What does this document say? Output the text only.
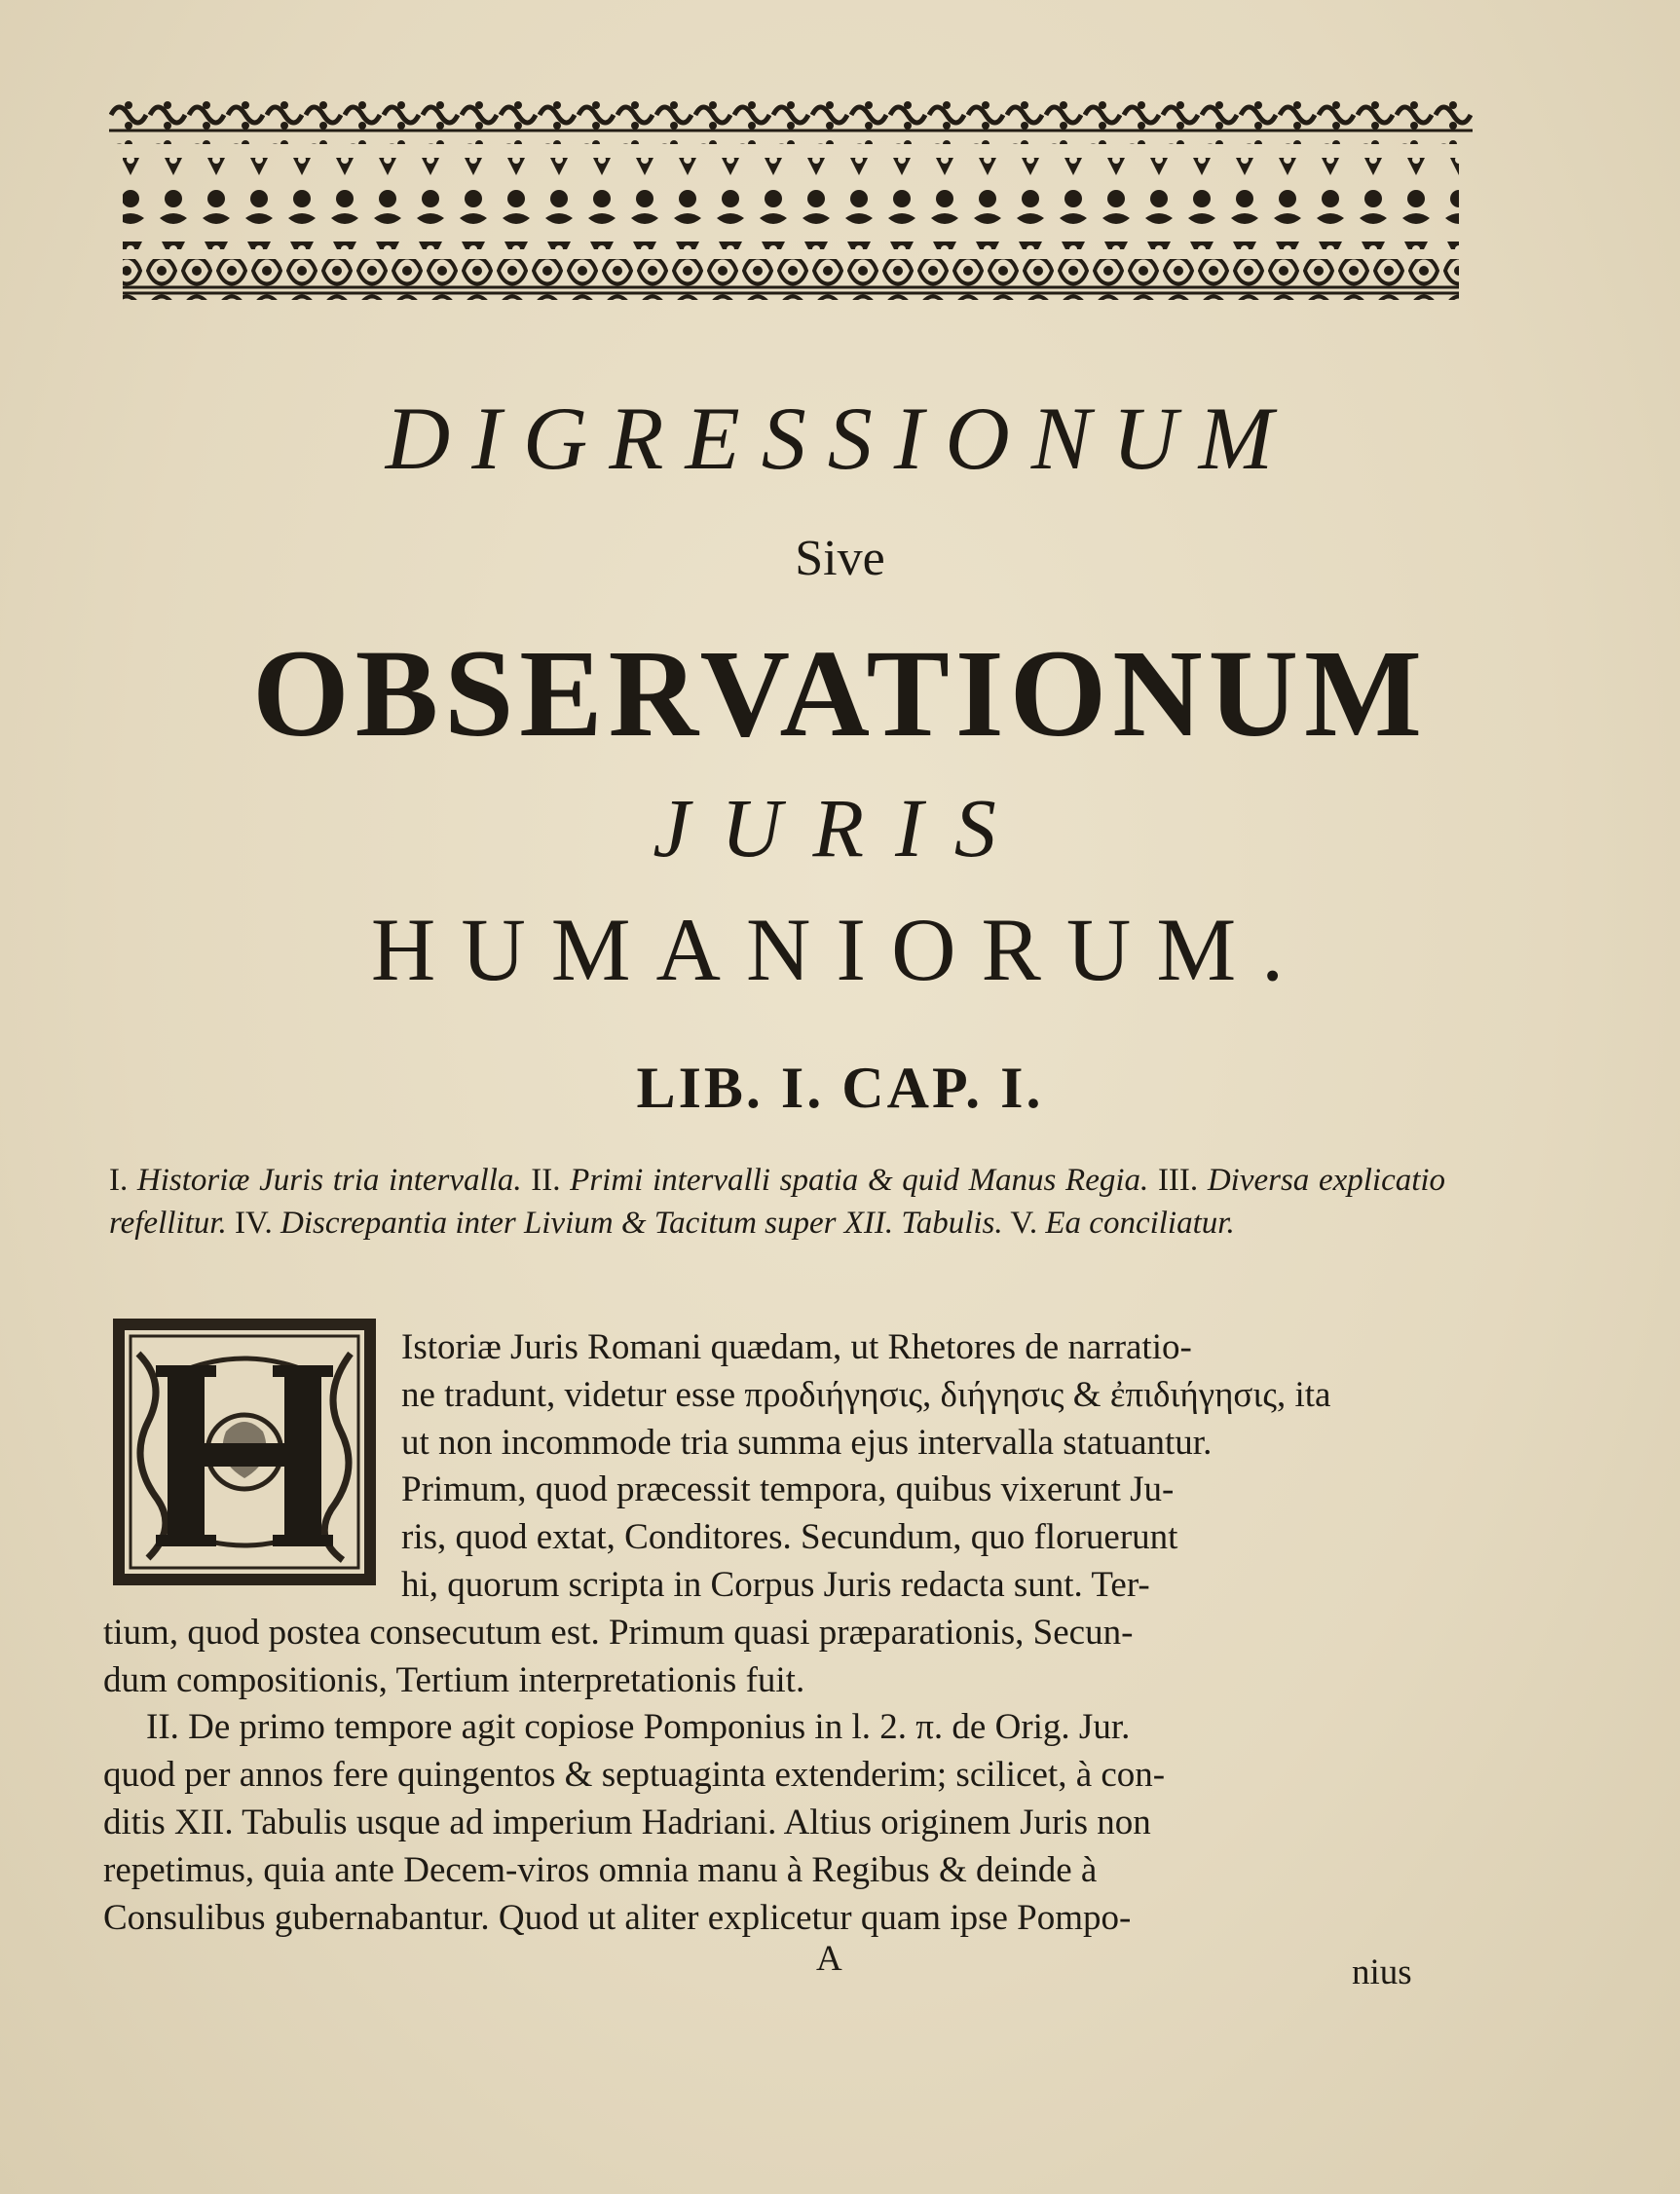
DIGRESSIONUM
Sive
OBSERVATIONUM
JURIS
HUMANIORUM.
LIB. I. CAP. I.
I. Historiæ Juris tria intervalla. II. Primi intervalli spatia & quid Manus Regia. III. Diversa explicatio refellitur. IV. Discrepantia inter Livium & Tacitum super XII. Tabulis. V. Ea conciliatur.
Istoriæ Juris Romani quædam, ut Rhetores de narratio-
ne tradunt, videtur esse προδιήγησις, διήγησις & ἐπιδιήγησις, ita
ut non incommode tria summa ejus intervalla statuantur.
Primum, quod præcessit tempora, quibus vixerunt Ju-
ris, quod extat, Conditores. Secundum, quo floruerunt
hi, quorum scripta in Corpus Juris redacta sunt. Ter-
tium, quod postea consecutum est. Primum quasi præparationis, Secun-
dum compositionis, Tertium interpretationis fuit.
II. De primo tempore agit copiose Pomponius in l. 2. π. de Orig. Jur.
quod per annos fere quingentos & septuaginta extenderim; scilicet, à con-
ditis XII. Tabulis usque ad imperium Hadriani. Altius originem Juris non
repetimus, quia ante Decem-viros omnia manu à Regibus & deinde à
Consulibus gubernabantur. Quod ut aliter explicetur quam ipse Pompo-
A	nius
